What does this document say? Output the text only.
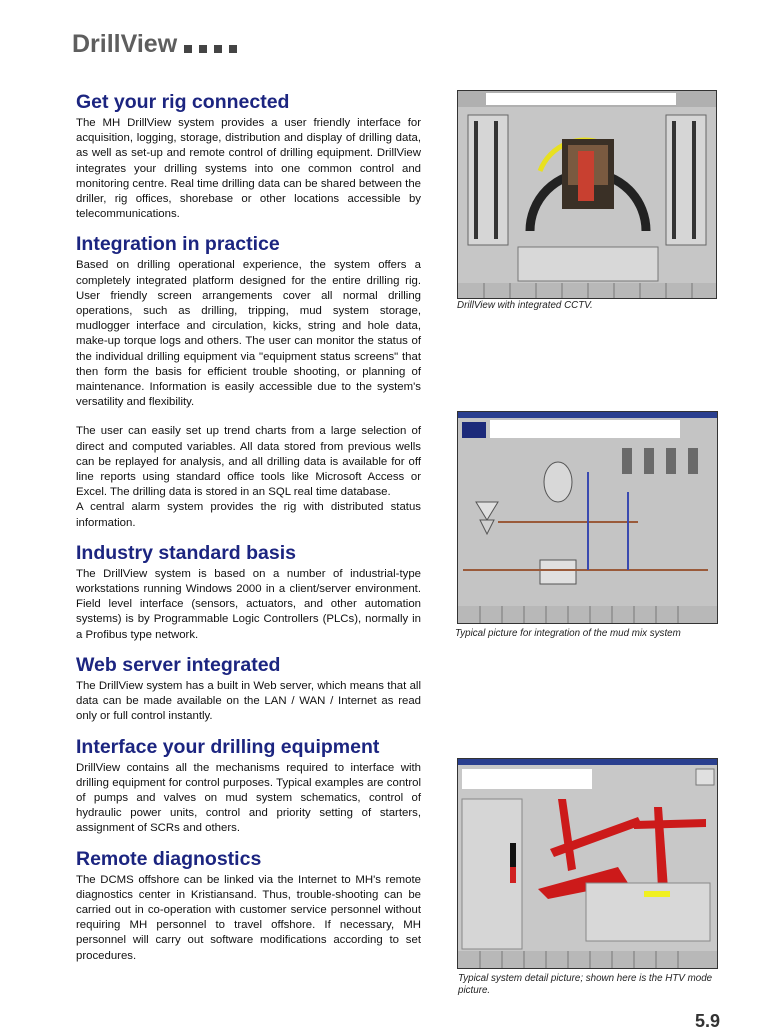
DrillView
Get your rig connected

The MH DrillView system provides a user friendly interface for acquisition, logging, storage, distribution and display of drilling data, as well as set-up and remote control of drilling equipment. DrillView integrates your drilling systems into one common control and monitoring centre. Real time drilling data can be shared between the driller, rig offices, shorebase or other locations accessible by telecommunications.

Integration in practice

Based on drilling operational experience, the system offers a completely integrated platform designed for the entire drilling rig. User friendly screen arrangements cover all normal drilling operations, such as drilling, tripping, mud system storage, mudlogger interface and circulation, kicks, string and hole data, make-up torque logs and others. The user can monitor the status of the individual drilling equipment via "equipment status screens" that then form the basis for efficient trouble shooting, or planning of maintenance. Information is easily accessible due to the system's versatility and flexibility.

The user can easily set up trend charts from a large selection of direct and computed variables. All data stored from previous wells can be replayed for analysis, and all drilling data is available for off line reports using standard office tools like Microsoft Access or Excel. The drilling data is stored in an SQL real time database.

A central alarm system provides the rig with distributed status information.

Industry standard basis

The DrillView system is based on a number of industrial-type workstations running Windows 2000 in a client/server environment. Field level interface (sensors, actuators, and other automation systems) is by Programmable Logic Controllers (PLCs), normally in a Profibus type network.

Web server integrated

The DrillView system has a built in Web server, which means that all data can be made available on the LAN / WAN / Internet as read only or full control instantly.

Interface your drilling equipment

DrillView contains all the mechanisms required to interface with drilling equipment for control purposes. Typical examples are control of pumps and valves on mud system schematics, control of hydraulic power units, control and priority setting of starters, assignment of SCRs and others.

Remote diagnostics

The DCMS offshore can be linked via the Internet to MH's remote diagnostics center in Kristiansand. Thus, trouble-shooting can be carried out in co-operation with customer service personnel without requiring MH personnel to travel offshore. If necessary, MH personnel will carry out software modifications according to set procedures.

DrillView with integrated CCTV.
Typical picture for integration of the mud mix system
Typical system detail picture; shown here is the HTV mode picture.
5.9
